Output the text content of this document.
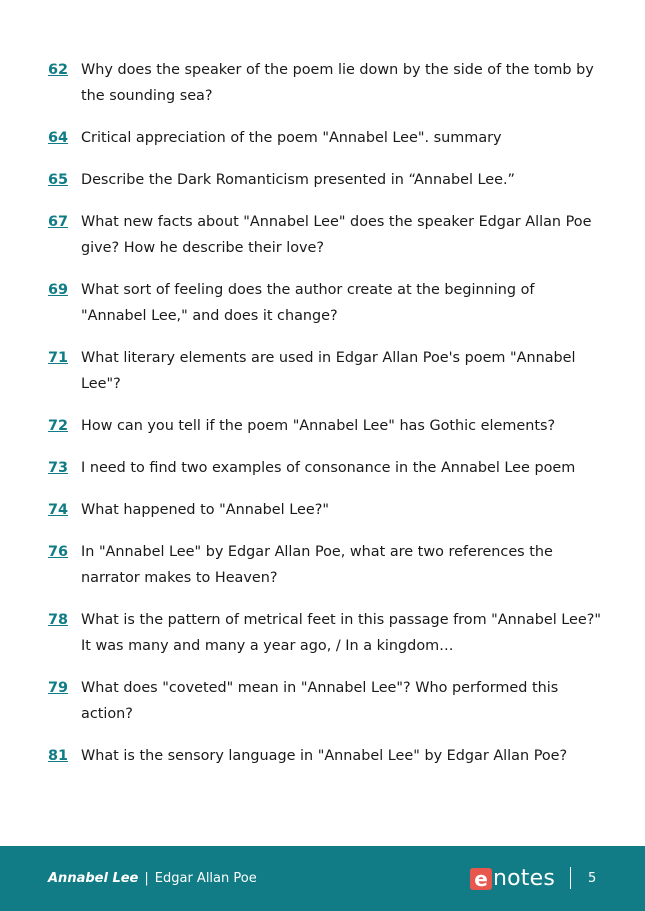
62 Why does the speaker of the poem lie down by the side of the tomb by the sounding sea?
64 Critical appreciation of the poem "Annabel Lee". summary
65 Describe the Dark Romanticism presented in “Annabel Lee.”
67 What new facts about "Annabel Lee" does the speaker Edgar Allan Poe give? How he describe their love?
69 What sort of feeling does the author create at the beginning of "Annabel Lee," and does it change?
71 What literary elements are used in Edgar Allan Poe's poem "Annabel Lee"?
72 How can you tell if the poem "Annabel Lee" has Gothic elements?
73 I need to find two examples of consonance in the Annabel Lee poem
74 What happened to "Annabel Lee?"
76 In "Annabel Lee" by Edgar Allan Poe, what are two references the narrator makes to Heaven?
78 What is the pattern of metrical feet in this passage from "Annabel Lee?" It was many and many a year ago, / In a kingdom…
79 What does "coveted" mean in "Annabel Lee"? Who performed this action?
81 What is the sensory language in "Annabel Lee" by Edgar Allan Poe?
Annabel Lee | Edgar Allan Poe	e notes	5
